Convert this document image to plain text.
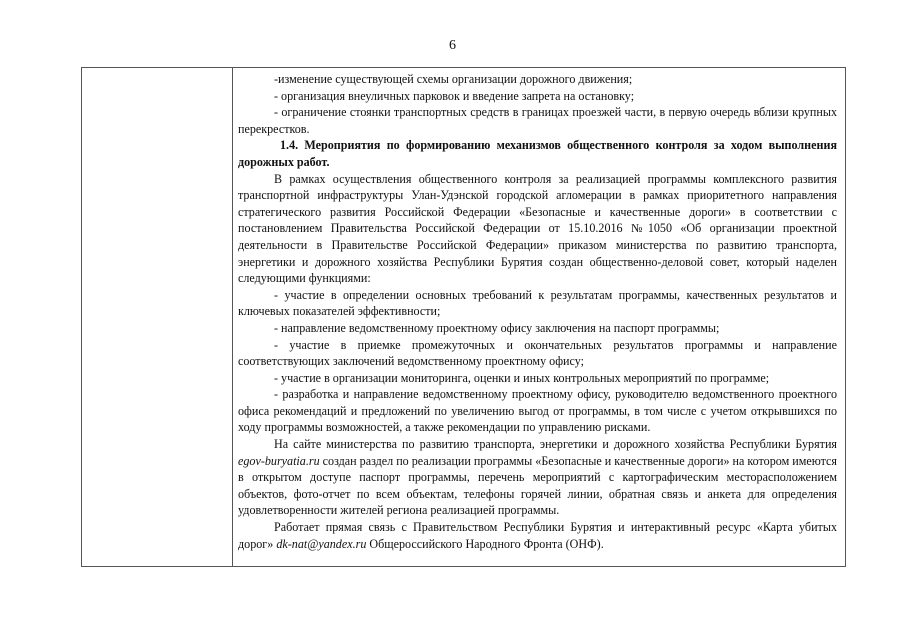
6

-изменение существующей схемы организации дорожного движения;

- организация внеуличных парковок и введение запрета на остановку;

- ограничение стоянки транспортных средств в границах проезжей части, в первую очередь вблизи крупных перекрестков.

1.4. Мероприятия по формированию механизмов общественного контроля за ходом выполнения дорожных работ.

В рамках осуществления общественного контроля за реализацией программы комплексного развития транспортной инфраструктуры Улан-Удэнской городской агломерации в рамках приоритетного направления стратегического развития Российской Федерации «Безопасные и качественные дороги» в соответствии с постановлением Правительства Российской Федерации от 15.10.2016 №1050 «Об организации проектной деятельности в Правительстве Российской Федерации» приказом министерства по развитию транспорта, энергетики и дорожного хозяйства Республики Бурятия создан общественно-деловой совет, который наделен следующими функциями:

- участие в определении основных требований к результатам программы, качественных результатов и ключевых показателей эффективности;

- направление ведомственному проектному офису заключения на паспорт программы;

- участие в приемке промежуточных и окончательных результатов программы и направление соответствующих заключений ведомственному проектному офису;

- участие в организации мониторинга, оценки и иных контрольных мероприятий по программе;

- разработка и направление ведомственному проектному офису, руководителю ведомственного проектного офиса рекомендаций и предложений по увеличению выгод от программы, в том числе с учетом открывшихся по ходу программы возможностей, а также рекомендации по управлению рисками.

На сайте министерства по развитию транспорта, энергетики и дорожного хозяйства Республики Бурятия egov-buryatia.ru создан раздел по реализации программы «Безопасные и качественные дороги» на котором имеются в открытом доступе паспорт программы, перечень мероприятий с картографическим месторасположением объектов, фото-отчет по всем объектам, телефоны горячей линии, обратная связь и анкета для определения удовлетворенности жителей региона реализацией программы.

Работает прямая связь с Правительством Республики Бурятия и интерактивный ресурс «Карта убитых дорог» dk-nat@yandex.ru Общероссийского Народного Фронта (ОНФ).
